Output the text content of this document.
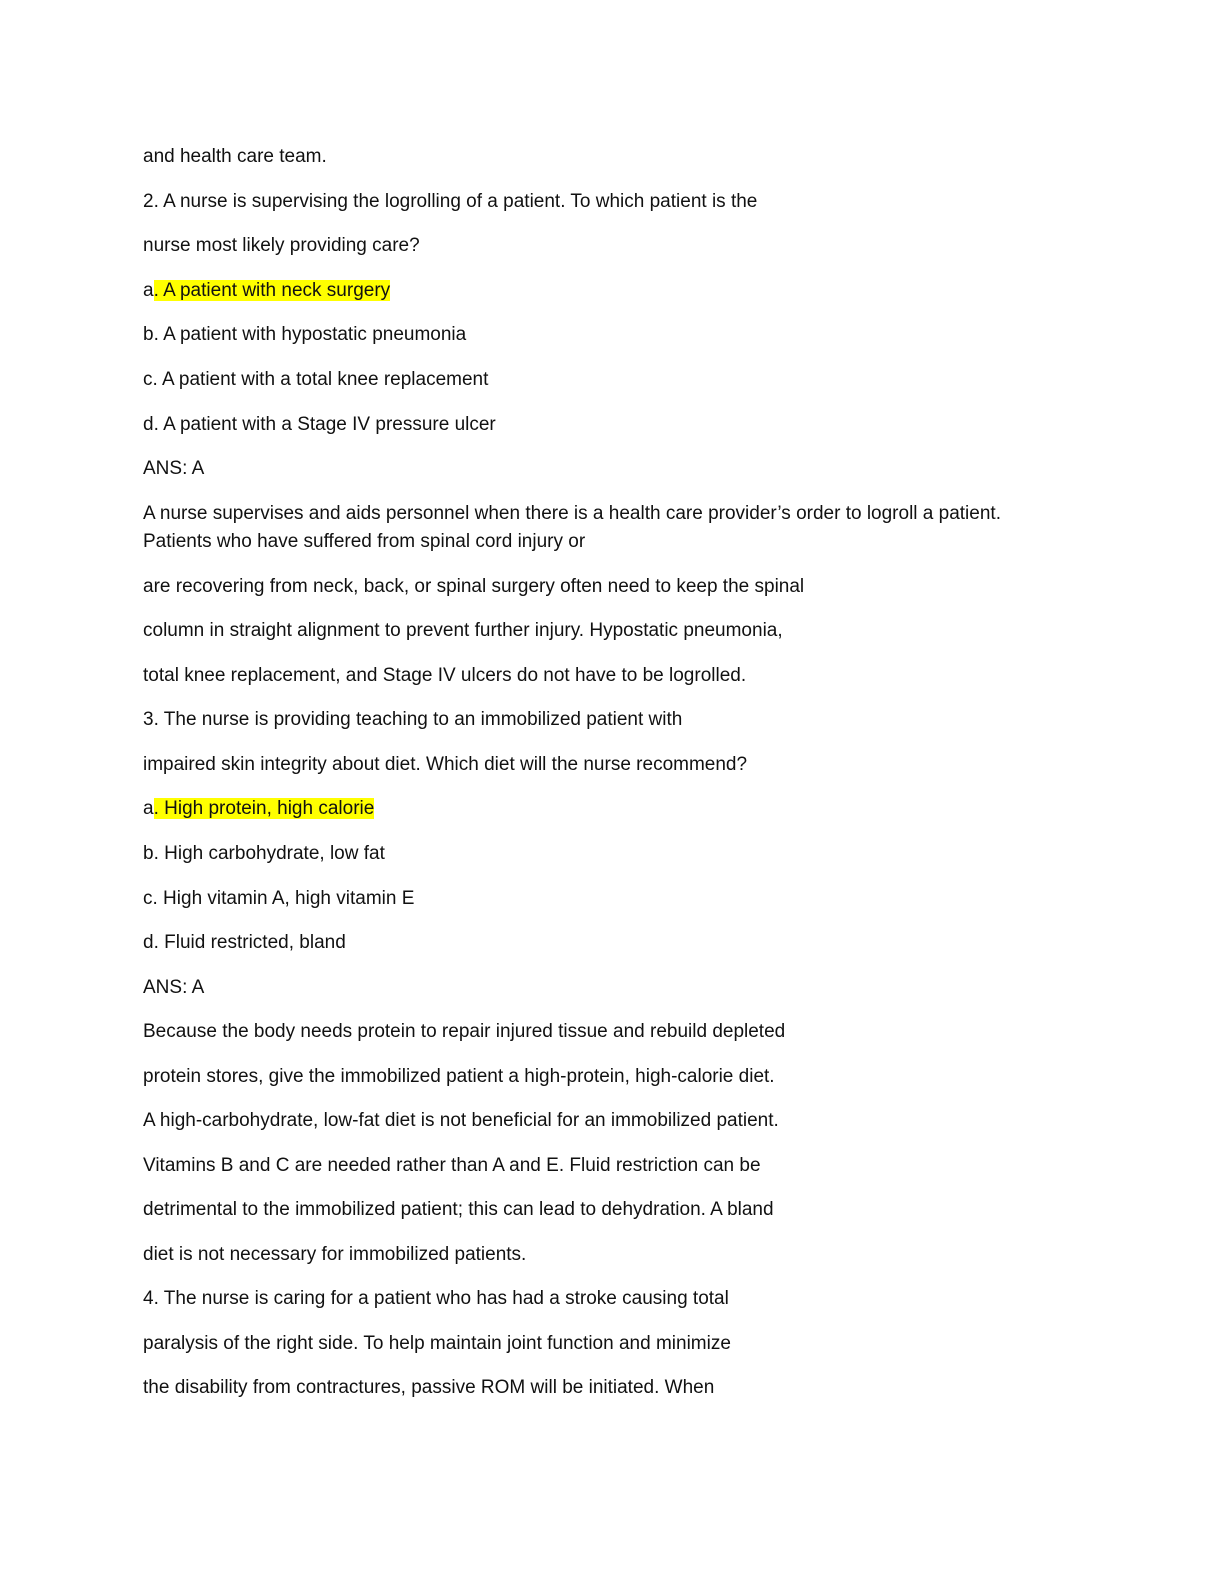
and health care team.
2. A nurse is supervising the logrolling of a patient. To which patient is the
nurse most likely providing care?
a. A patient with neck surgery
b. A patient with hypostatic pneumonia
c. A patient with a total knee replacement
d. A patient with a Stage IV pressure ulcer
ANS: A
A nurse supervises and aids personnel when there is a health care provider’s order to logroll a patient.
Patients who have suffered from spinal cord injury or
are recovering from neck, back, or spinal surgery often need to keep the spinal
column in straight alignment to prevent further injury. Hypostatic pneumonia,
total knee replacement, and Stage IV ulcers do not have to be logrolled.
3. The nurse is providing teaching to an immobilized patient with
impaired skin integrity about diet. Which diet will the nurse recommend?
a. High protein, high calorie
b. High carbohydrate, low fat
c. High vitamin A, high vitamin E
d. Fluid restricted, bland
ANS: A
Because the body needs protein to repair injured tissue and rebuild depleted
protein stores, give the immobilized patient a high-protein, high-calorie diet.
A high-carbohydrate, low-fat diet is not beneficial for an immobilized patient.
Vitamins B and C are needed rather than A and E. Fluid restriction can be
detrimental to the immobilized patient; this can lead to dehydration. A bland
diet is not necessary for immobilized patients.
4. The nurse is caring for a patient who has had a stroke causing total
paralysis of the right side. To help maintain joint function and minimize
the disability from contractures, passive ROM will be initiated. When
